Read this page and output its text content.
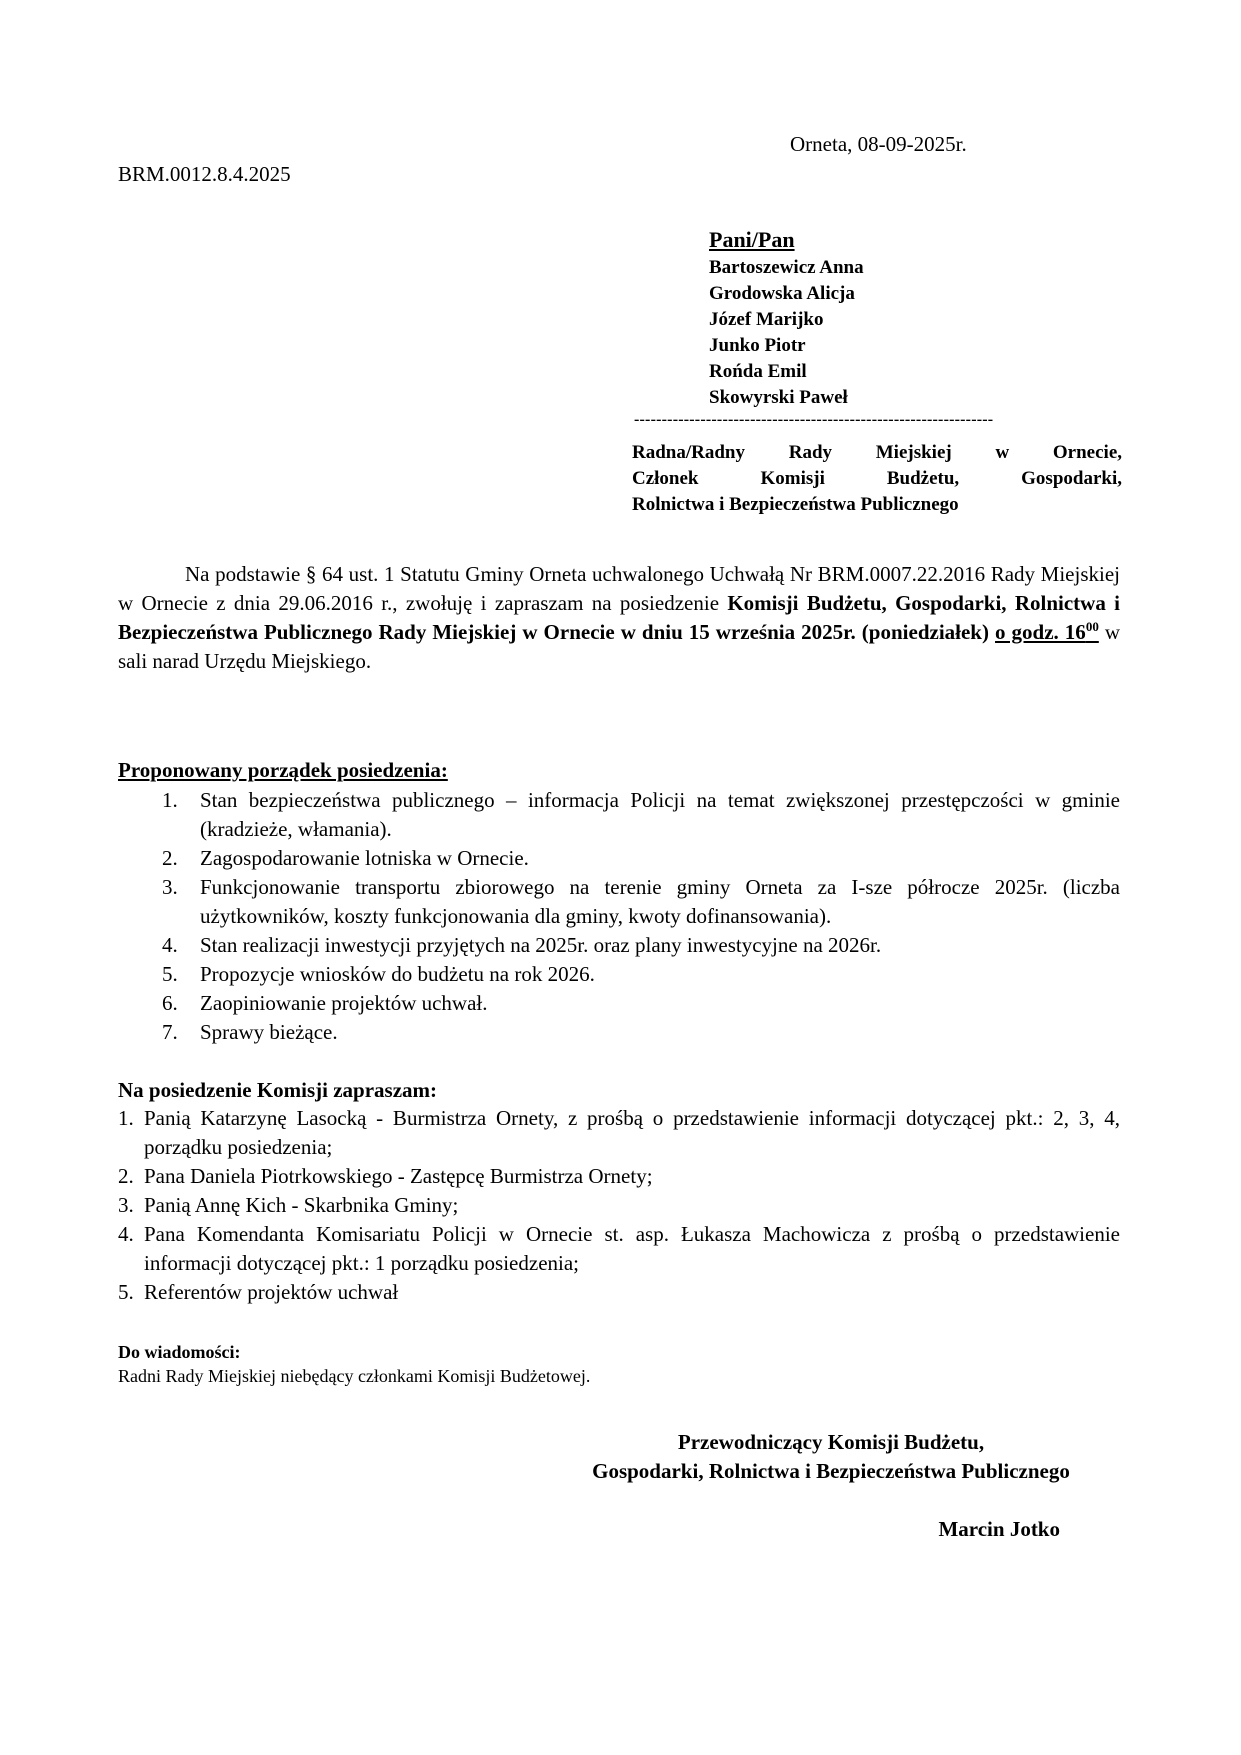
Orneta, 08-09-2025r.
BRM.0012.8.4.2025
Pani/Pan
Bartoszewicz Anna
Grodowska Alicja
Józef Marijko
Junko Piotr
Rońda Emil
Skowyrski Paweł
-----------------------------------------------------------------
Radna/Radny Rady Miejskiej w Ornecie,
Członek Komisji Budżetu, Gospodarki,
Rolnictwa i Bezpieczeństwa Publicznego

Na podstawie § 64 ust. 1 Statutu Gminy Orneta uchwalonego Uchwałą Nr BRM.0007.22.2016 Rady Miejskiej w Ornecie z dnia 29.06.2016 r., zwołuję i zapraszam na posiedzenie Komisji Budżetu, Gospodarki, Rolnictwa i Bezpieczeństwa Publicznego Rady Miejskiej w Ornecie w dniu 15 września 2025r. (poniedziałek) o godz. $16^{00}$ w sali narad Urzędu Miejskiego.

Proponowany porządek posiedzenia:
1. Stan bezpieczeństwa publicznego – informacja Policji na temat zwiększonej przestępczości w gminie (kradzieże, włamania).
2. Zagospodarowanie lotniska w Ornecie.
3. Funkcjonowanie transportu zbiorowego na terenie gminy Orneta za I-sze półrocze 2025r. (liczba użytkowników, koszty funkcjonowania dla gminy, kwoty dofinansowania).
4. Stan realizacji inwestycji przyjętych na 2025r. oraz plany inwestycyjne na 2026r.
5. Propozycje wniosków do budżetu na rok 2026.
6. Zaopiniowanie projektów uchwał.
7. Sprawy bieżące.
Na posiedzenie Komisji zapraszam:
1. Panią Katarzynę Lasocką - Burmistrza Ornety, z prośbą o przedstawienie informacji dotyczącej pkt.: 2, 3, 4, porządku posiedzenia;
2. Pana Daniela Piotrkowskiego - Zastępcę Burmistrza Ornety;
3. Panią Annę Kich - Skarbnika Gminy;
4. Pana Komendanta Komisariatu Policji w Ornecie st. asp. Łukasza Machowicza z prośbą o przedstawienie informacji dotyczącej pkt.: 1 porządku posiedzenia;
5. Referentów projektów uchwał
Do wiadomości:
Radni Rady Miejskiej niebędący członkami Komisji Budżetowej.
Przewodniczący Komisji Budżetu,
Gospodarki, Rolnictwa i Bezpieczeństwa Publicznego
Marcin Jotko
